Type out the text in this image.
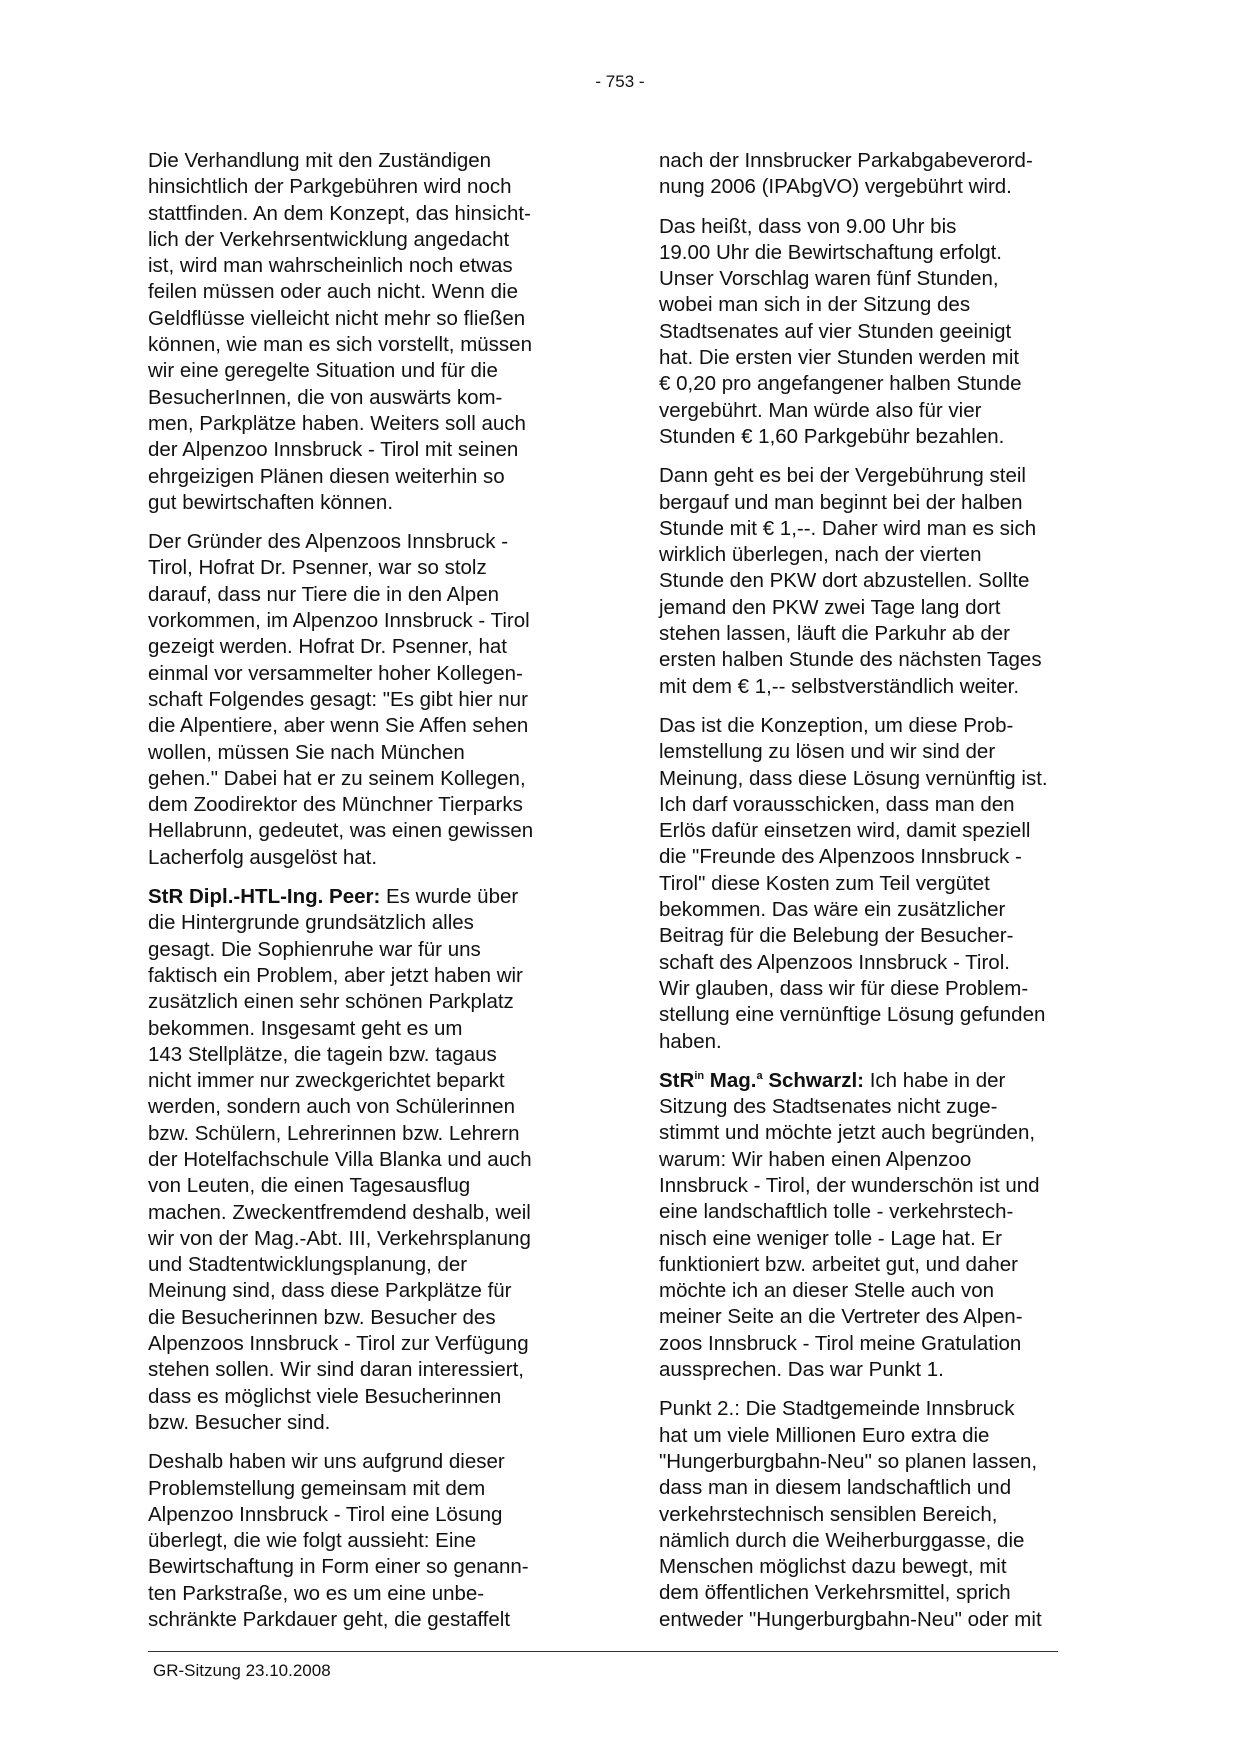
- 753 -

Die Verhandlung mit den Zuständigen
hinsichtlich der Parkgebühren wird noch
stattfinden. An dem Konzept, das hinsicht-
lich der Verkehrsentwicklung angedacht
ist, wird man wahrscheinlich noch etwas
feilen müssen oder auch nicht. Wenn die
Geldflüsse vielleicht nicht mehr so fließen
können, wie man es sich vorstellt, müssen
wir eine geregelte Situation und für die
BesucherInnen, die von auswärts kom-
men, Parkplätze haben. Weiters soll auch
der Alpenzoo Innsbruck - Tirol mit seinen
ehrgeizigen Plänen diesen weiterhin so
gut bewirtschaften können.

Der Gründer des Alpenzoos Innsbruck -
Tirol, Hofrat Dr. Psenner, war so stolz
darauf, dass nur Tiere die in den Alpen
vorkommen, im Alpenzoo Innsbruck - Tirol
gezeigt werden. Hofrat Dr. Psenner, hat
einmal vor versammelter hoher Kollegen-
schaft Folgendes gesagt: "Es gibt hier nur
die Alpentiere, aber wenn Sie Affen sehen
wollen, müssen Sie nach München
gehen." Dabei hat er zu seinem Kollegen,
dem Zoodirektor des Münchner Tierparks
Hellabrunn, gedeutet, was einen gewissen
Lacherfolg ausgelöst hat.

StR Dipl.-HTL-Ing. Peer: Es wurde über
die Hintergrunde grundsätzlich alles
gesagt. Die Sophienruhe war für uns
faktisch ein Problem, aber jetzt haben wir
zusätzlich einen sehr schönen Parkplatz
bekommen. Insgesamt geht es um
143 Stellplätze, die tagein bzw. tagaus
nicht immer nur zweckgerichtet beparkt
werden, sondern auch von Schülerinnen
bzw. Schülern, Lehrerinnen bzw. Lehrern
der Hotelfachschule Villa Blanka und auch
von Leuten, die einen Tagesausflug
machen. Zweckentfremdend deshalb, weil
wir von der Mag.-Abt. III, Verkehrsplanung
und Stadtentwicklungsplanung, der
Meinung sind, dass diese Parkplätze für
die Besucherinnen bzw. Besucher des
Alpenzoos Innsbruck - Tirol zur Verfügung
stehen sollen. Wir sind daran interessiert,
dass es möglichst viele Besucherinnen
bzw. Besucher sind.

Deshalb haben wir uns aufgrund dieser
Problemstellung gemeinsam mit dem
Alpenzoo Innsbruck - Tirol eine Lösung
überlegt, die wie folgt aussieht: Eine
Bewirtschaftung in Form einer so genann-
ten Parkstraße, wo es um eine unbe-
schränkte Parkdauer geht, die gestaffelt

nach der Innsbrucker Parkabgabeverord-
nung 2006 (IPAbgVO) vergebührt wird.

Das heißt, dass von 9.00 Uhr bis
19.00 Uhr die Bewirtschaftung erfolgt.
Unser Vorschlag waren fünf Stunden,
wobei man sich in der Sitzung des
Stadtsenates auf vier Stunden geeinigt
hat. Die ersten vier Stunden werden mit
€ 0,20 pro angefangener halben Stunde
vergebührt. Man würde also für vier
Stunden € 1,60 Parkgebühr bezahlen.

Dann geht es bei der Vergebührung steil
bergauf und man beginnt bei der halben
Stunde mit € 1,--. Daher wird man es sich
wirklich überlegen, nach der vierten
Stunde den PKW dort abzustellen. Sollte
jemand den PKW zwei Tage lang dort
stehen lassen, läuft die Parkuhr ab der
ersten halben Stunde des nächsten Tages
mit dem € 1,-- selbstverständlich weiter.

Das ist die Konzeption, um diese Prob-
lemstellung zu lösen und wir sind der
Meinung, dass diese Lösung vernünftig ist.
Ich darf vorausschicken, dass man den
Erlös dafür einsetzen wird, damit speziell
die "Freunde des Alpenzoos Innsbruck -
Tirol" diese Kosten zum Teil vergütet
bekommen. Das wäre ein zusätzlicher
Beitrag für die Belebung der Besucher-
schaft des Alpenzoos Innsbruck - Tirol.
Wir glauben, dass wir für diese Problem-
stellung eine vernünftige Lösung gefunden
haben.

StR$^{in}$ Mag.$^a$ Schwarzl: Ich habe in der
Sitzung des Stadtsenates nicht zuge-
stimmt und möchte jetzt auch begründen,
warum: Wir haben einen Alpenzoo
Innsbruck - Tirol, der wunderschön ist und
eine landschaftlich tolle - verkehrstech-
nisch eine weniger tolle - Lage hat. Er
funktioniert bzw. arbeitet gut, und daher
möchte ich an dieser Stelle auch von
meiner Seite an die Vertreter des Alpen-
zoos Innsbruck - Tirol meine Gratulation
aussprechen. Das war Punkt 1.

Punkt 2.: Die Stadtgemeinde Innsbruck
hat um viele Millionen Euro extra die
"Hungerburgbahn-Neu" so planen lassen,
dass man in diesem landschaftlich und
verkehrstechnisch sensiblen Bereich,
nämlich durch die Weiherburggasse, die
Menschen möglichst dazu bewegt, mit
dem öffentlichen Verkehrsmittel, sprich
entweder "Hungerburgbahn-Neu" oder mit

GR-Sitzung 23.10.2008
